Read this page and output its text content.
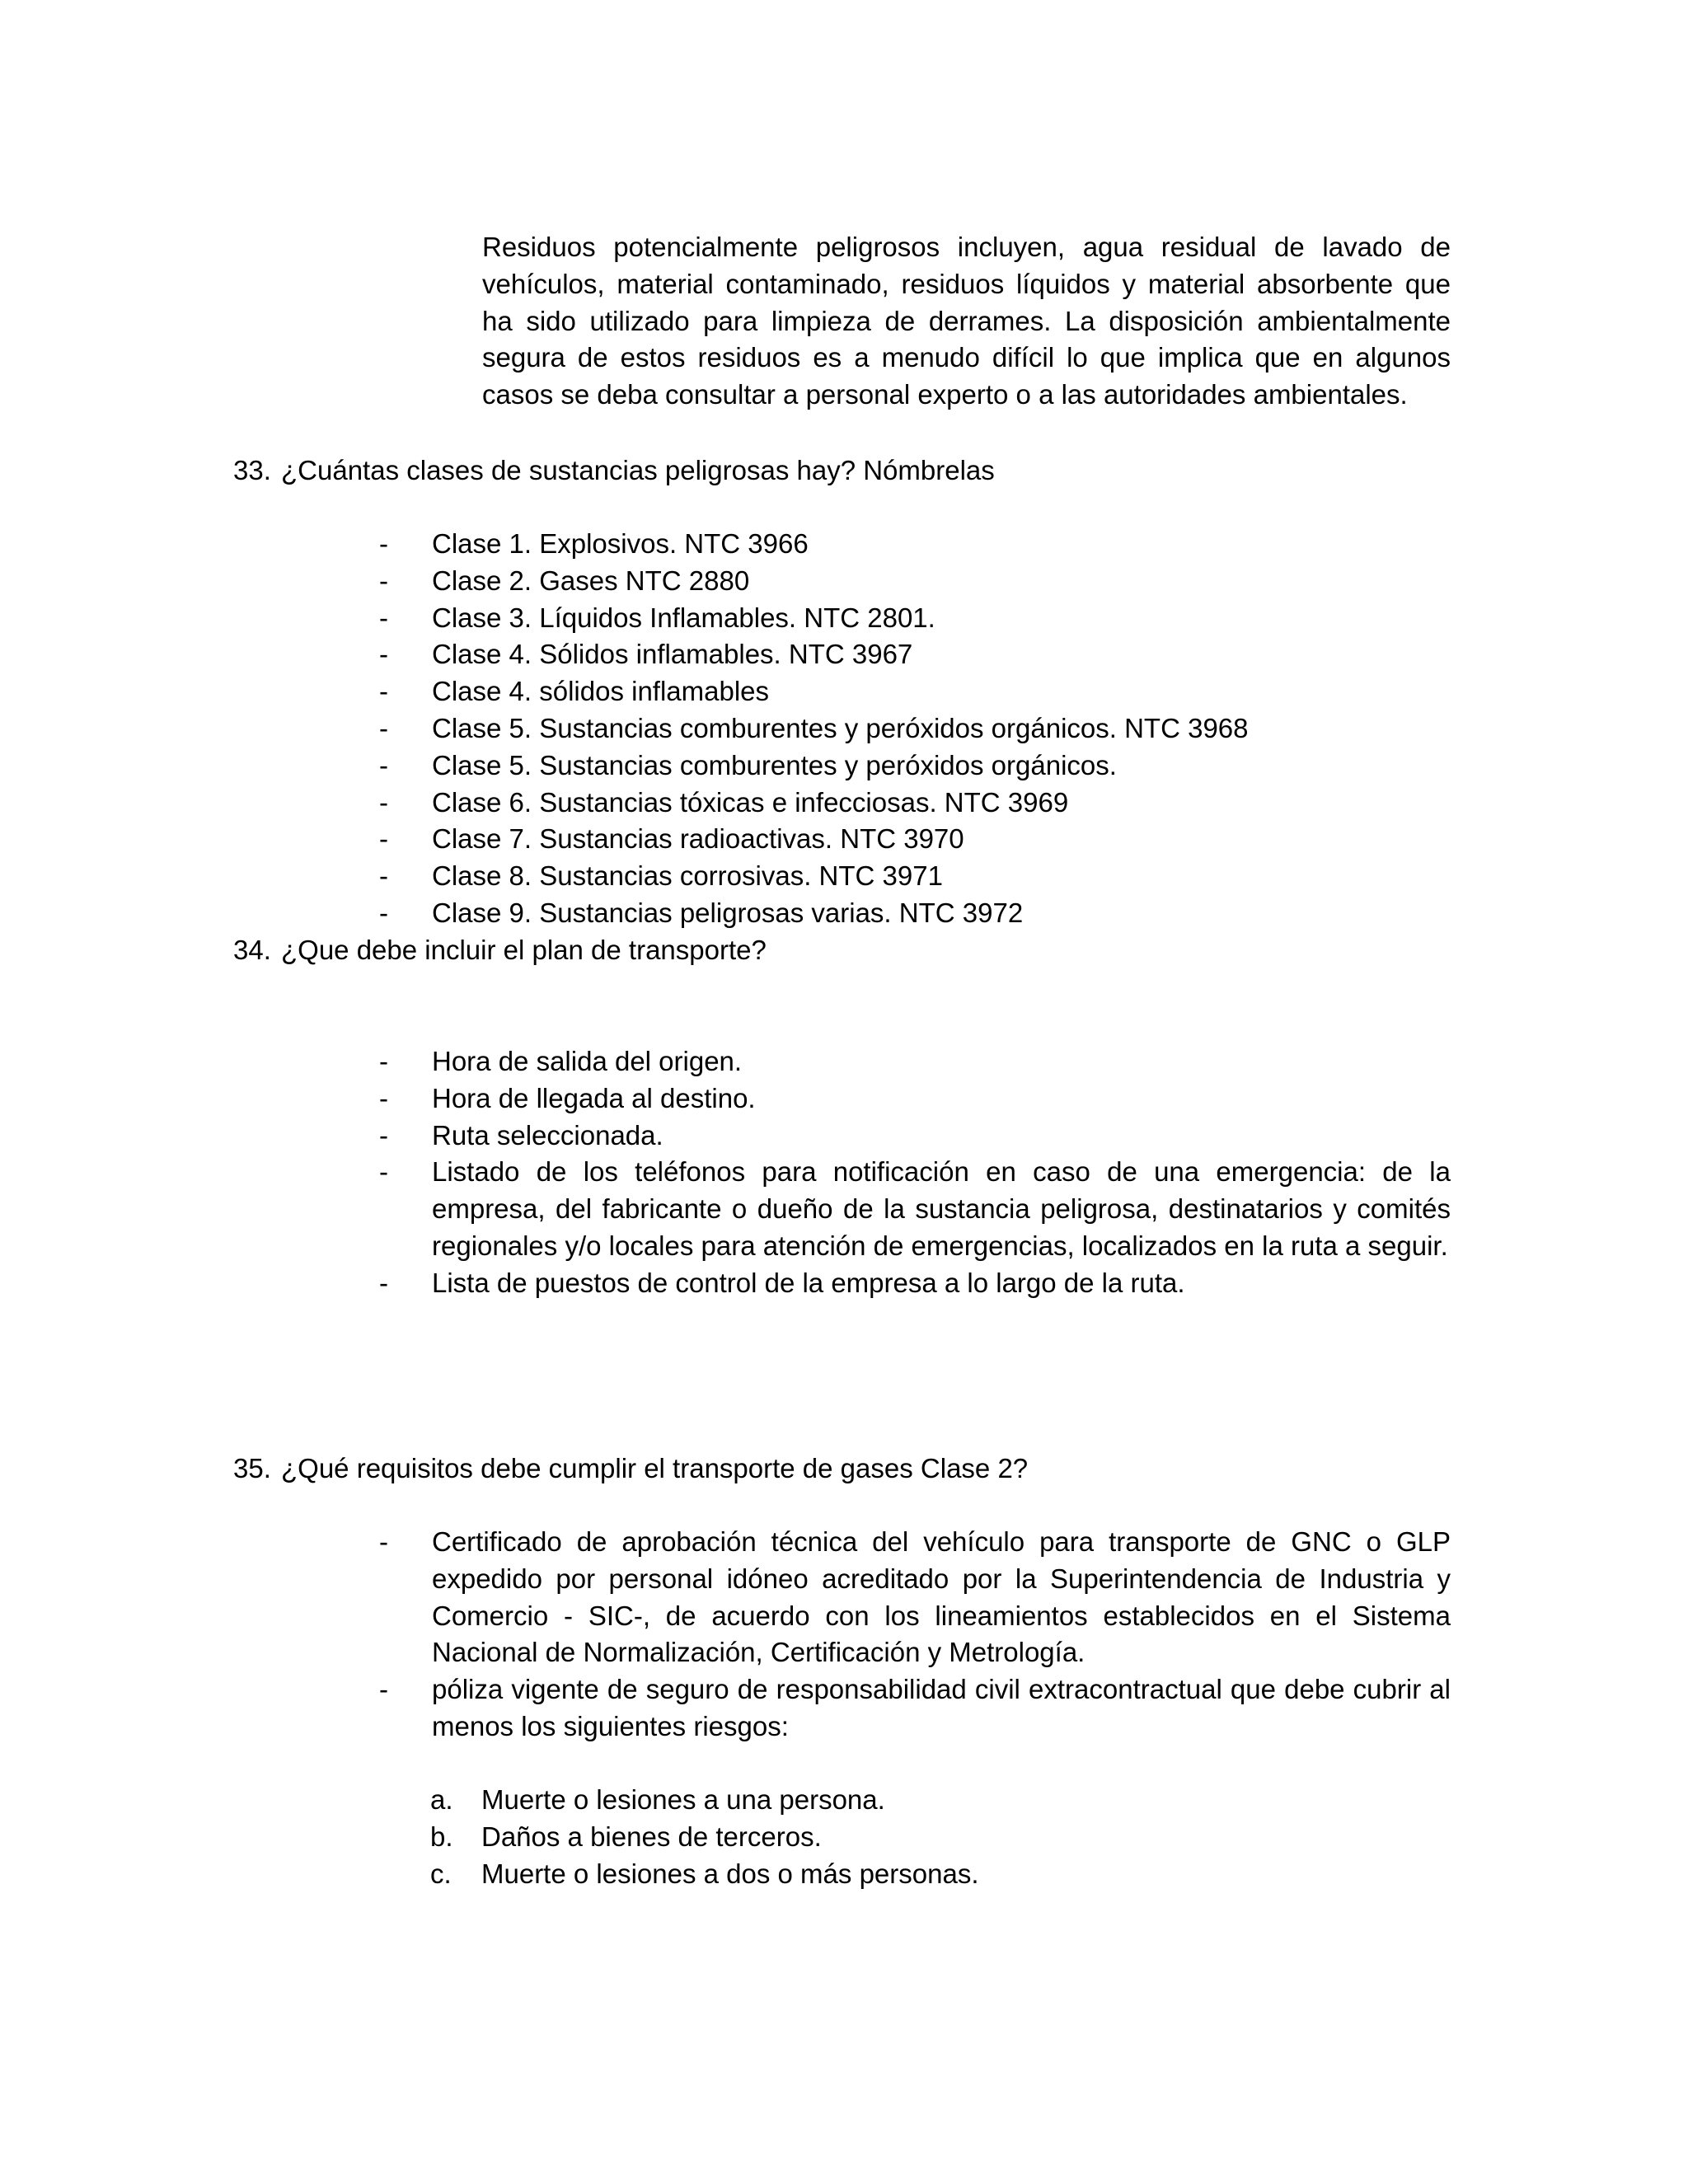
Residuos potencialmente peligrosos incluyen, agua residual de lavado de vehículos, material contaminado, residuos líquidos y material absorbente que ha sido utilizado para limpieza de derrames. La disposición ambientalmente segura de estos residuos es a menudo difícil lo que implica que en algunos casos se deba consultar a personal experto o a las autoridades ambientales.

33. ¿Cuántas clases de sustancias peligrosas hay? Nómbrelas
- Clase 1. Explosivos. NTC 3966
- Clase 2. Gases NTC 2880
- Clase 3. Líquidos Inflamables. NTC 2801.
- Clase 4. Sólidos inflamables. NTC 3967
- Clase 4. sólidos inflamables
- Clase 5. Sustancias comburentes y peróxidos orgánicos. NTC 3968
- Clase 5. Sustancias comburentes y peróxidos orgánicos.
- Clase 6. Sustancias tóxicas e infecciosas. NTC 3969
- Clase 7. Sustancias radioactivas. NTC 3970
- Clase 8. Sustancias corrosivas. NTC 3971
- Clase 9. Sustancias peligrosas varias. NTC 3972
34. ¿Que debe incluir el plan de transporte?
- Hora de salida del origen.
- Hora de llegada al destino.
- Ruta seleccionada.
- Listado de los teléfonos para notificación en caso de una emergencia: de la empresa, del fabricante o dueño de la sustancia peligrosa, destinatarios y comités regionales y/o locales para atención de emergencias, localizados en la ruta a seguir.
- Lista de puestos de control de la empresa a lo largo de la ruta.
35. ¿Qué requisitos debe cumplir el transporte de gases Clase 2?
- Certificado de aprobación técnica del vehículo para transporte de GNC o GLP expedido por personal idóneo acreditado por la Superintendencia de Industria y Comercio - SIC-, de acuerdo con los lineamientos establecidos en el Sistema Nacional de Normalización, Certificación y Metrología.
- póliza vigente de seguro de responsabilidad civil extracontractual que debe cubrir al menos los siguientes riesgos:
a. Muerte o lesiones a una persona.
b. Daños a bienes de terceros.
c. Muerte o lesiones a dos o más personas.
